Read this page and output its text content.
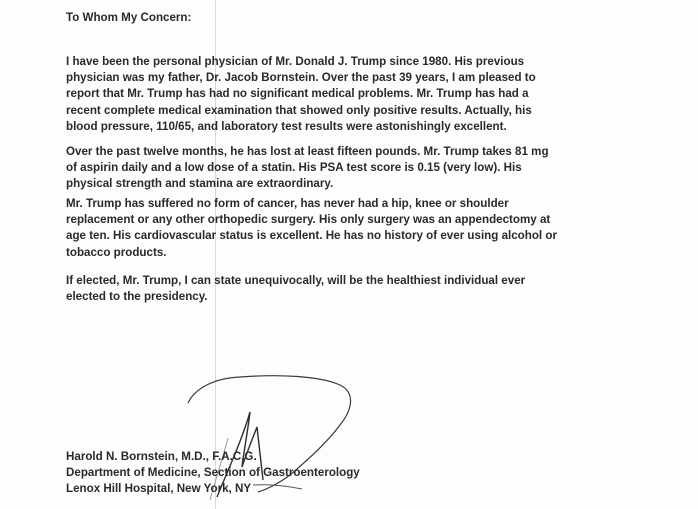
To Whom My Concern:
I have been the personal physician of Mr. Donald J. Trump since 1980. His previous
physician was my father, Dr. Jacob Bornstein. Over the past 39 years, I am pleased to
report that Mr. Trump has had no significant medical problems. Mr. Trump has had a
recent complete medical examination that showed only positive results. Actually, his
blood pressure, 110/65, and laboratory test results were astonishingly excellent.
Over the past twelve months, he has lost at least fifteen pounds. Mr. Trump takes 81 mg
of aspirin daily and a low dose of a statin. His PSA test score is 0.15 (very low). His
physical strength and stamina are extraordinary.
Mr. Trump has suffered no form of cancer, has never had a hip, knee or shoulder
replacement or any other orthopedic surgery. His only surgery was an appendectomy at
age ten. His cardiovascular status is excellent. He has no history of ever using alcohol or
tobacco products.
If elected, Mr. Trump, I can state unequivocally, will be the healthiest individual ever
elected to the presidency.
Harold N. Bornstein, M.D., F.A.C.G.
Department of Medicine, Section of Gastroenterology
Lenox Hill Hospital, New York, NY
